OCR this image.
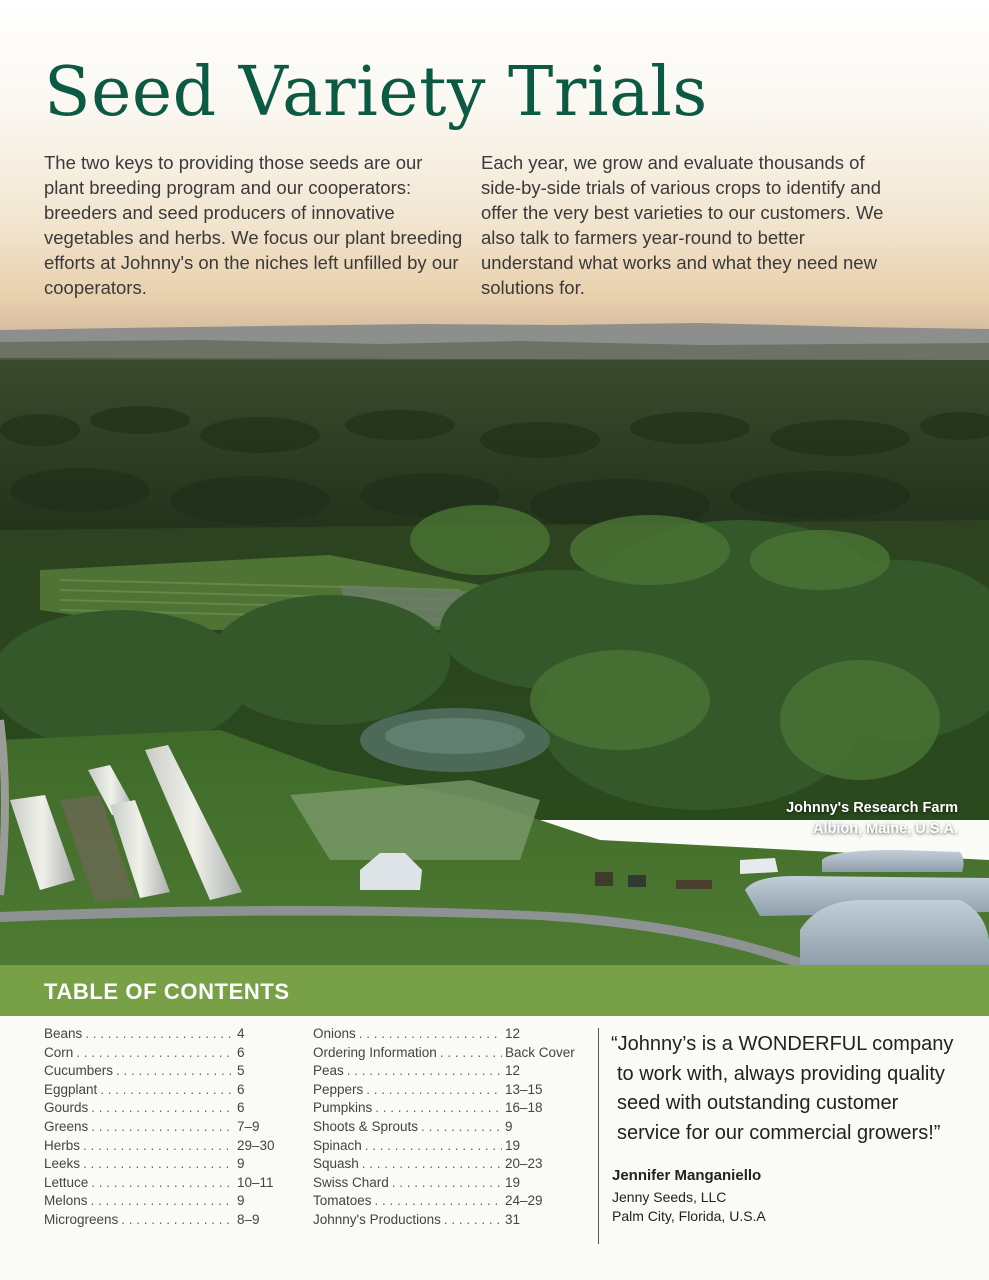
Seed Variety Trials

The two keys to providing those seeds are our plant breeding program and our cooperators: breeders and seed producers of innovative vegetables and herbs. We focus our plant breeding efforts at Johnny's on the niches left unfilled by our cooperators.

Each year, we grow and evaluate thousands of side-by-side trials of various crops to identify and offer the very best varieties to our customers. We also talk to farmers year-round to better understand what works and what they need new solutions for.

Johnny's Research Farm
Albion, Maine, U.S.A.
TABLE OF CONTENTS
Beans . . .	4
Corn . . .	6
Cucumbers . . .	5
Eggplant . . .	6
Gourds . . .	6
Greens . . .	7–9
Herbs . . .	29–30
Leeks . . .	9
Lettuce . . .	10–11
Melons . . .	9
Microgreens . . .	8–9
Onions . . .	12
Ordering Information . . .	Back Cover
Peas . . .	12
Peppers . . .	13–15
Pumpkins . . .	16–18
Shoots & Sprouts . . .	9
Spinach . . .	19
Squash . . .	20–23
Swiss Chard . . .	19
Tomatoes . . .	24–29
Johnny's Productions . . .	31
“Johnny’s is a WONDERFUL company
to work with, always providing quality
seed with outstanding customer
service for our commercial growers!”

Jennifer Manganiello

Jenny Seeds, LLC

Palm City, Florida, U.S.A
